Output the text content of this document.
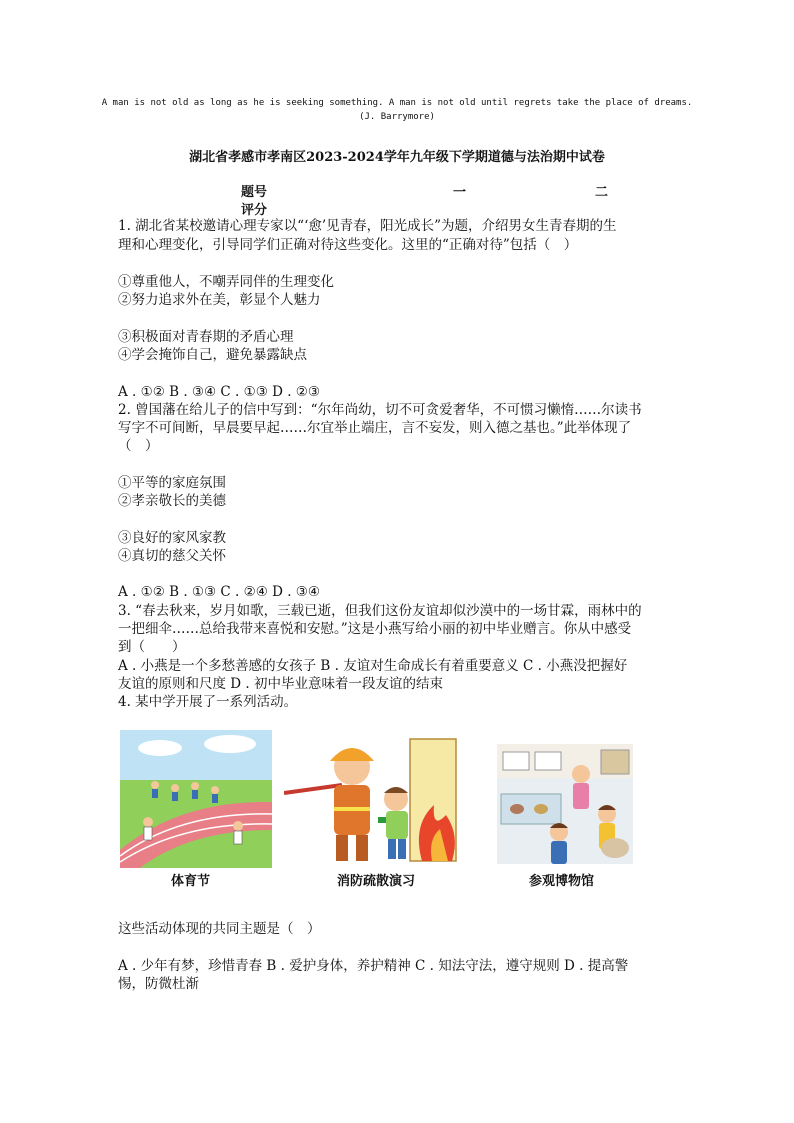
A man is not old as long as he is seeking something. A man is not old until regrets take the place of dreams.
(J. Barrymore)
湖北省孝感市孝南区2023-2024学年九年级下学期道德与法治期中试卷
题号	一	二
评分
1. 湖北省某校邀请心理专家以“‘愈’见青春，阳光成长”为题，介绍男女生青春期的生
理和心理变化，引导同学们正确对待这些变化。这里的“正确对待”包括（　）
①尊重他人，不嘲弄同伴的生理变化
②努力追求外在美，彰显个人魅力
③积极面对青春期的矛盾心理
④学会掩饰自己，避免暴露缺点
A . ①② B . ③④ C . ①③ D . ②③
2. 曾国藩在给儿子的信中写到：“尔年尚幼，切不可贪爱奢华，不可惯习懒惰……尔读书
写字不可间断，早晨要早起……尔宜举止端庄，言不妄发，则入德之基也。”此举体现了
（　）
①平等的家庭氛围
②孝亲敬长的美德
③良好的家风家教
④真切的慈父关怀
A . ①② B . ①③ C . ②④ D . ③④
3. “春去秋来，岁月如歌，三载已逝，但我们这份友谊却似沙漠中的一场甘霖，雨林中的
一把细伞……总给我带来喜悦和安慰。”这是小燕写给小丽的初中毕业赠言。你从中感受
到（　　）
A . 小燕是一个多愁善感的女孩子 B . 友谊对生命成长有着重要意义 C . 小燕没把握好
友谊的原则和尺度 D . 初中毕业意味着一段友谊的结束
4. 某中学开展了一系列活动。
体育节	消防疏散演习	参观博物馆
这些活动体现的共同主题是（　）
A . 少年有梦，珍惜青春 B . 爱护身体，养护精神 C . 知法守法，遵守规则 D . 提高警
惕，防微杜渐
